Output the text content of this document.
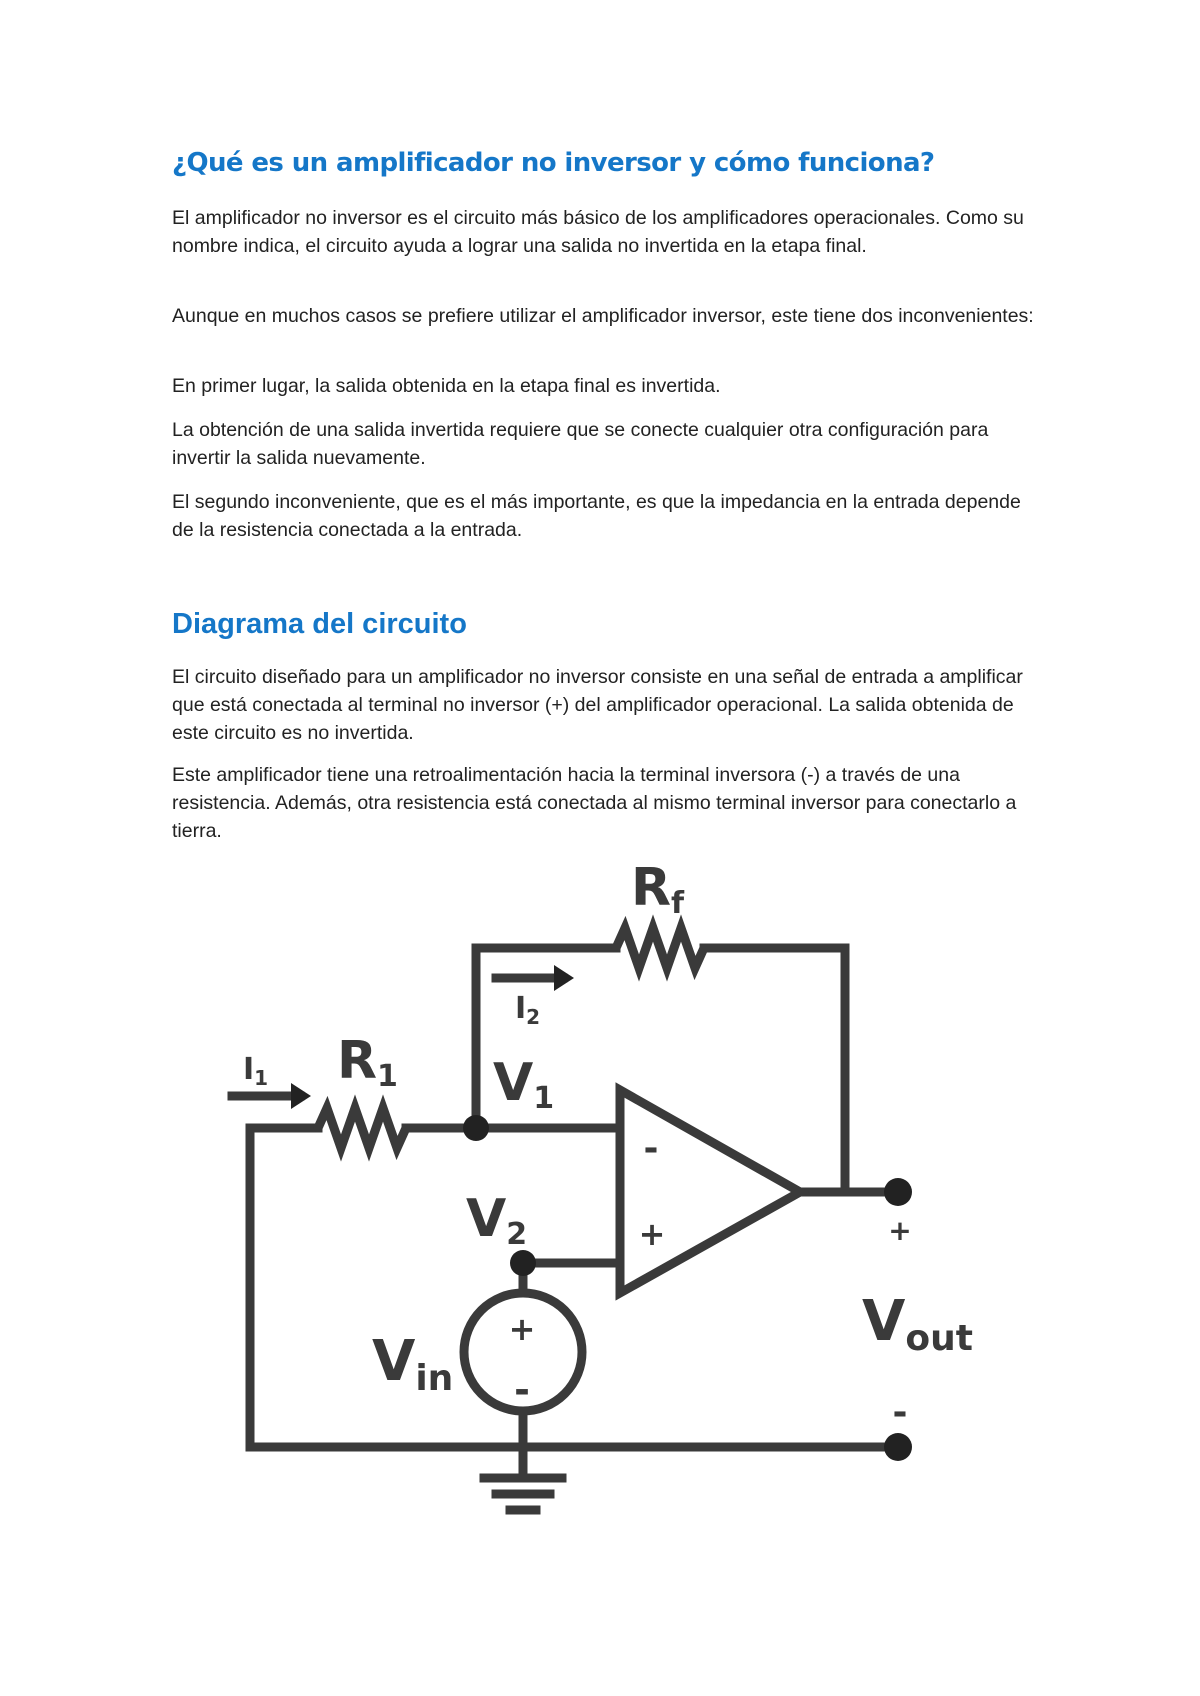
¿Qué es un amplificador no inversor y cómo funciona?

El amplificador no inversor es el circuito más básico de los amplificadores operacionales. Como su nombre indica, el circuito ayuda a lograr una salida no invertida en la etapa final.

Aunque en muchos casos se prefiere utilizar el amplificador inversor, este tiene dos inconvenientes:

En primer lugar, la salida obtenida en la etapa final es invertida.

La obtención de una salida invertida requiere que se conecte cualquier otra configuración para invertir la salida nuevamente.

El segundo inconveniente, que es el más importante, es que la impedancia en la entrada depende de la resistencia conectada a la entrada.

Diagrama del circuito

El circuito diseñado para un amplificador no inversor consiste en una señal de entrada a amplificar que está conectada al terminal no inversor (+) del amplificador operacional. La salida obtenida de este circuito es no invertida.

Este amplificador tiene una retroalimentación hacia la terminal inversora (-) a través de una resistencia. Además, otra resistencia está conectada al mismo terminal inversor para conectarlo a tierra.

Rf
$I_2$
$I_1$ R1 V1
V2
Vin
Vout
-
+
+
-
+
-
